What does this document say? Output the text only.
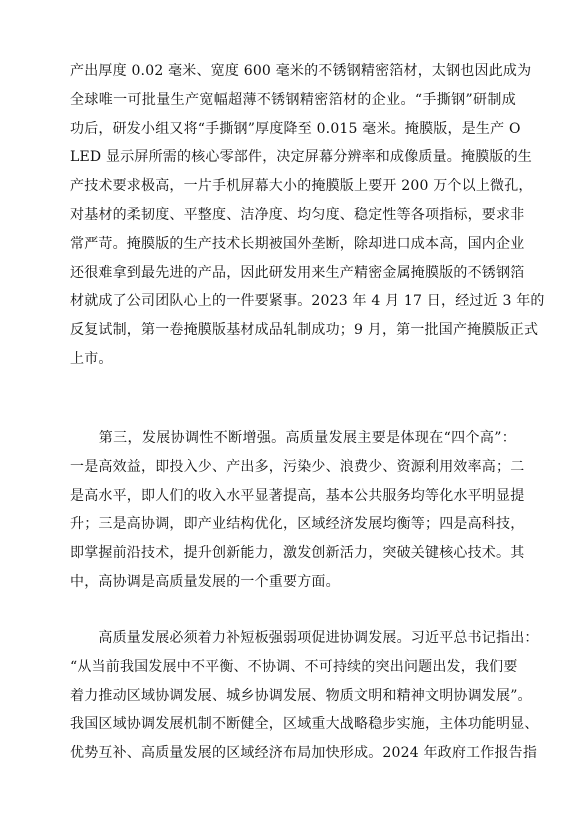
产出厚度 0.02 毫米、宽度 600 毫米的不锈钢精密箔材，太钢也因此成为
全球唯一可批量生产宽幅超薄不锈钢精密箔材的企业。“手撕钢”研制成
功后，研发小组又将“手撕钢”厚度降至 0.015 毫米。掩膜版，是生产 O
LED 显示屏所需的核心零部件，决定屏幕分辨率和成像质量。掩膜版的生
产技术要求极高，一片手机屏幕大小的掩膜版上要开 200 万个以上微孔，
对基材的柔韧度、平整度、洁净度、均匀度、稳定性等各项指标，要求非
常严苛。掩膜版的生产技术长期被国外垄断，除却进口成本高，国内企业
还很难拿到最先进的产品，因此研发用来生产精密金属掩膜版的不锈钢箔
材就成了公司团队心上的一件要紧事。2023 年 4 月 17 日，经过近 3 年的
反复试制，第一卷掩膜版基材成品轧制成功；9 月，第一批国产掩膜版正式
上市。
　　第三，发展协调性不断增强。高质量发展主要是体现在“四个高”：
一是高效益，即投入少、产出多，污染少、浪费少、资源利用效率高；二
是高水平，即人们的收入水平显著提高，基本公共服务均等化水平明显提
升；三是高协调，即产业结构优化，区域经济发展均衡等；四是高科技，
即掌握前沿技术，提升创新能力，激发创新活力，突破关键核心技术。其
中，高协调是高质量发展的一个重要方面。
　　高质量发展必须着力补短板强弱项促进协调发展。习近平总书记指出：
“从当前我国发展中不平衡、不协调、不可持续的突出问题出发，我们要
着力推动区域协调发展、城乡协调发展、物质文明和精神文明协调发展”。
我国区域协调发展机制不断健全，区域重大战略稳步实施，主体功能明显、
优势互补、高质量发展的区域经济布局加快形成。2024 年政府工作报告指
